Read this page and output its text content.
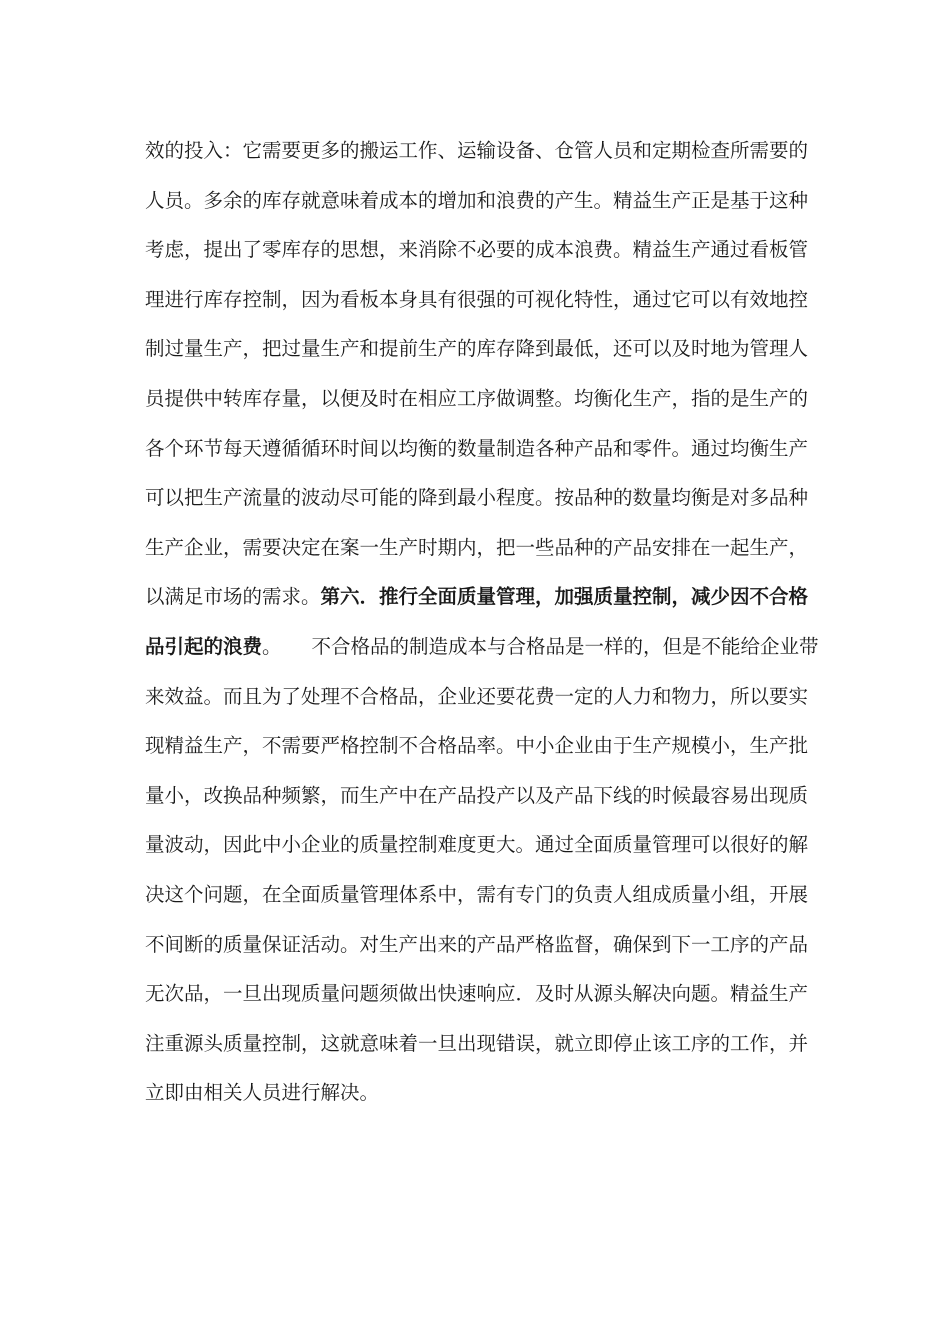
效的投入：它需要更多的搬运工作、运输设备、仓管人员和定期检查所需要的
人员。多余的库存就意味着成本的增加和浪费的产生。精益生产正是基于这种
考虑，提出了零库存的思想，来消除不必要的成本浪费。精益生产通过看板管
理进行库存控制，因为看板本身具有很强的可视化特性，通过它可以有效地控
制过量生产，把过量生产和提前生产的库存降到最低，还可以及时地为管理人
员提供中转库存量，以便及时在相应工序做调整。均衡化生产，指的是生产的
各个环节每天遵循循环时间以均衡的数量制造各种产品和零件。通过均衡生产
可以把生产流量的波动尽可能的降到最小程度。按品种的数量均衡是对多品种
生产企业，需要决定在案一生产时期内，把一些品种的产品安排在一起生产，
以满足市场的需求。第六．推行全面质量管理，加强质量控制，减少因不合格
品引起的浪费。 不合格品的制造成本与合格品是一样的，但是不能给企业带
来效益。而且为了处理不合格品，企业还要花费一定的人力和物力，所以要实
现精益生产，不需要严格控制不合格品率。中小企业由于生产规模小，生产批
量小，改换品种频繁，而生产中在产品投产以及产品下线的时候最容易出现质
量波动，因此中小企业的质量控制难度更大。通过全面质量管理可以很好的解
决这个问题，在全面质量管理体系中，需有专门的负责人组成质量小组，开展
不间断的质量保证活动。对生产出来的产品严格监督，确保到下一工序的产品
无次品，一旦出现质量问题须做出快速响应．及时从源头解决向题。精益生产
注重源头质量控制，这就意味着一旦出现错误，就立即停止该工序的工作，并
立即由相关人员进行解决。
